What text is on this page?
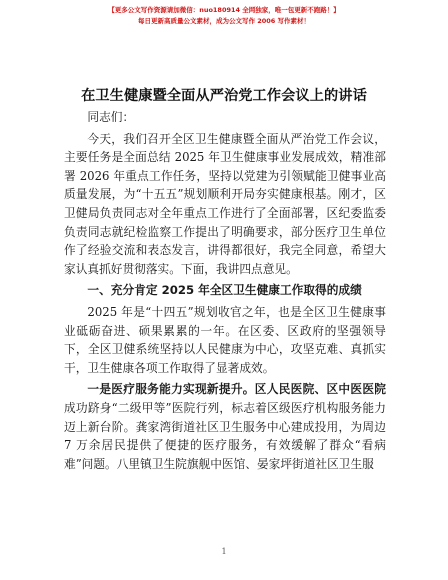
【更多公文写作资源请加微信：nuo180914 全网独家，唯一包更新不跑路！】
每日更新高质量公文素材，成为公文写作 2006 写作素材！
在卫生健康暨全面从严治党工作会议上的讲话

同志们：

今天，我们召开全区卫生健康暨全面从严治党工作会议，主要任务是全面总结 2025 年卫生健康事业发展成效，精准部署 2026 年重点工作任务，坚持以党建为引领赋能卫健事业高质量发展，为“十五五”规划顺利开局夯实健康根基。刚才，区卫健局负责同志对全年重点工作进行了全面部署，区纪委监委负责同志就纪检监察工作提出了明确要求，部分医疗卫生单位作了经验交流和表态发言，讲得都很好，我完全同意，希望大家认真抓好贯彻落实。下面，我讲四点意见。

一、充分肯定 2025 年全区卫生健康工作取得的成绩

2025 年是“十四五”规划收官之年，也是全区卫生健康事业砥砺奋进、硕果累累的一年。在区委、区政府的坚强领导下，全区卫健系统坚持以人民健康为中心，攻坚克难、真抓实干，卫生健康各项工作取得了显著成效。

一是医疗服务能力实现新提升。区人民医院、区中医医院成功跻身“二级甲等”医院行列，标志着区级医疗机构服务能力迈上新台阶。龚家湾街道社区卫生服务中心建成投用，为周边 7 万余居民提供了便捷的医疗服务，有效缓解了群众“看病难”问题。八里镇卫生院旗舰中医馆、晏家坪街道社区卫生服

1
